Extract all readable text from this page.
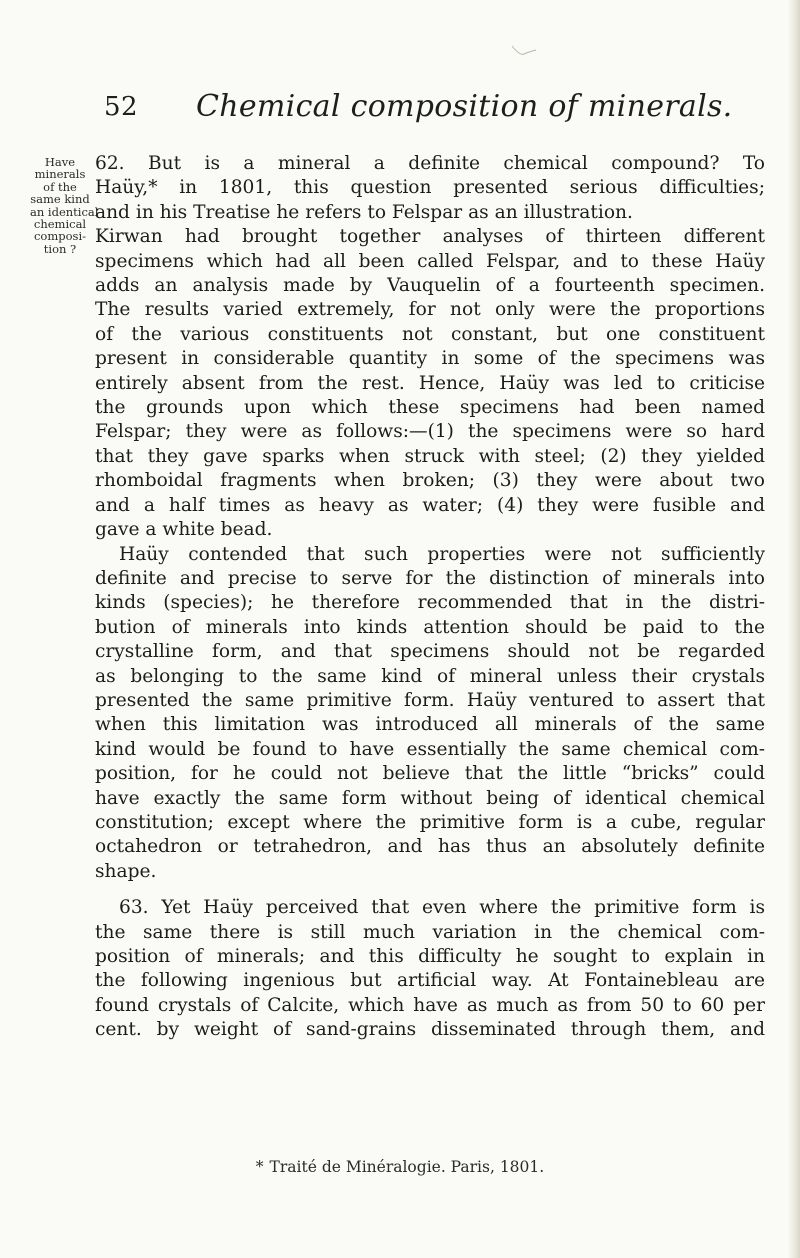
52 Chemical composition of minerals.
Have
minerals
of the
same kind
an identical
chemical
composi-
tion ?
62. But is a mineral a definite chemical compound? To
Haüy,* in 1801, this question presented serious difficulties;
and in his Treatise he refers to Felspar as an illustration.
Kirwan had brought together analyses of thirteen different
specimens which had all been called Felspar, and to these Haüy
adds an analysis made by Vauquelin of a fourteenth specimen.
The results varied extremely, for not only were the proportions
of the various constituents not constant, but one constituent
present in considerable quantity in some of the specimens was
entirely absent from the rest. Hence, Haüy was led to criticise
the grounds upon which these specimens had been named
Felspar; they were as follows:—(1) the specimens were so hard
that they gave sparks when struck with steel; (2) they yielded
rhomboidal fragments when broken; (3) they were about two
and a half times as heavy as water; (4) they were fusible and
gave a white bead.
Haüy contended that such properties were not sufficiently
definite and precise to serve for the distinction of minerals into
kinds (species); he therefore recommended that in the distri-
bution of minerals into kinds attention should be paid to the
crystalline form, and that specimens should not be regarded
as belonging to the same kind of mineral unless their crystals
presented the same primitive form. Haüy ventured to assert that
when this limitation was introduced all minerals of the same
kind would be found to have essentially the same chemical com-
position, for he could not believe that the little “bricks” could
have exactly the same form without being of identical chemical
constitution; except where the primitive form is a cube, regular
octahedron or tetrahedron, and has thus an absolutely definite
shape.
63. Yet Haüy perceived that even where the primitive form is
the same there is still much variation in the chemical com-
position of minerals; and this difficulty he sought to explain in
the following ingenious but artificial way. At Fontainebleau are
found crystals of Calcite, which have as much as from 50 to 60 per
cent. by weight of sand-grains disseminated through them, and
* Traité de Minéralogie. Paris, 1801.
